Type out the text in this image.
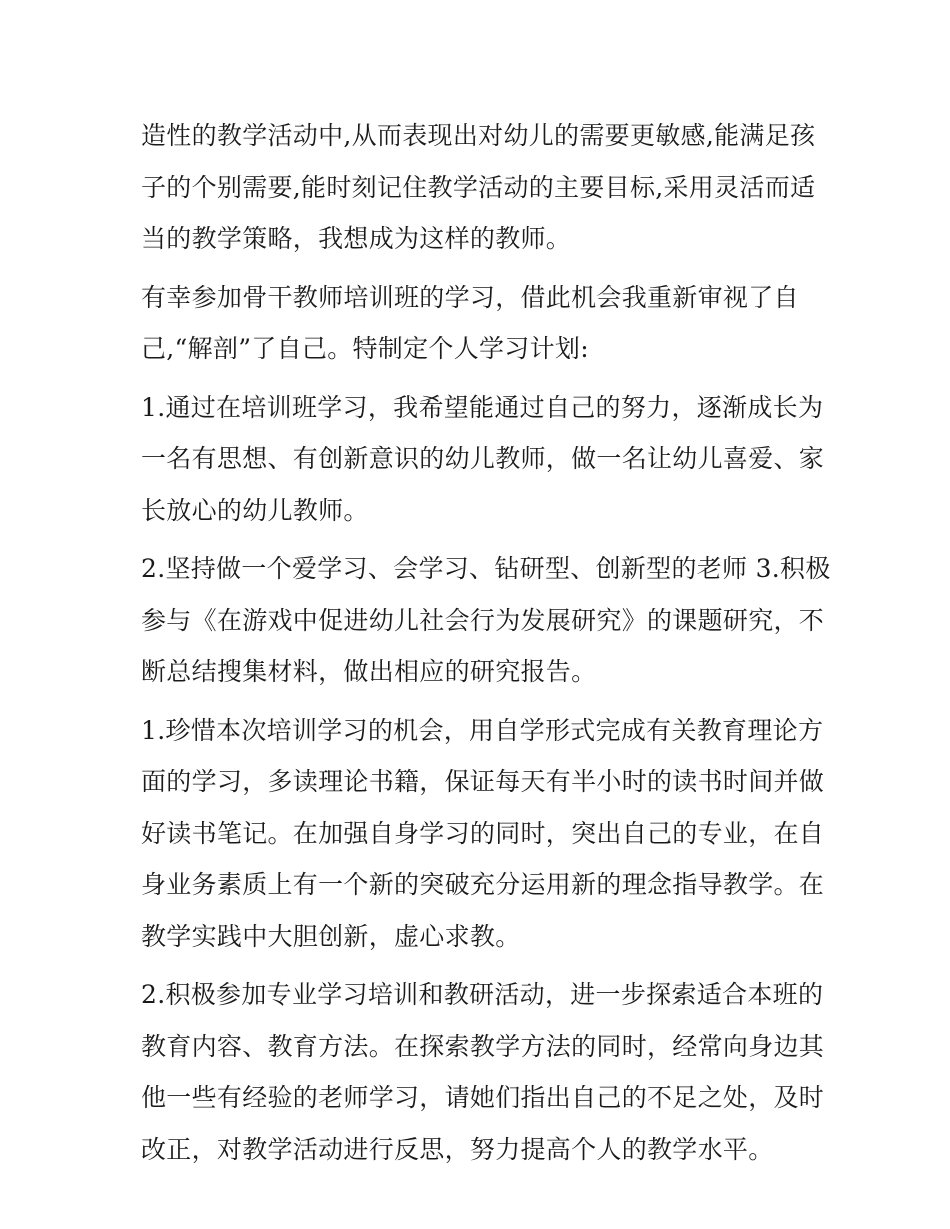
造性的教学活动中,从而表现出对幼儿的需要更敏感,能满足孩
子的个别需要,能时刻记住教学活动的主要目标,采用灵活而适
当的教学策略，我想成为这样的教师。

有幸参加骨干教师培训班的学习，借此机会我重新审视了自
己,“解剖”了自己。特制定个人学习计划:

1.通过在培训班学习，我希望能通过自己的努力，逐渐成长为
一名有思想、有创新意识的幼儿教师，做一名让幼儿喜爱、家
长放心的幼儿教师。

2.坚持做一个爱学习、会学习、钻研型、创新型的老师 3.积极
参与《在游戏中促进幼儿社会行为发展研究》的课题研究，不
断总结搜集材料，做出相应的研究报告。

1.珍惜本次培训学习的机会，用自学形式完成有关教育理论方
面的学习，多读理论书籍，保证每天有半小时的读书时间并做
好读书笔记。在加强自身学习的同时，突出自己的专业，在自
身业务素质上有一个新的突破充分运用新的理念指导教学。在
教学实践中大胆创新，虚心求教。

2.积极参加专业学习培训和教研活动，进一步探索适合本班的
教育内容、教育方法。在探索教学方法的同时，经常向身边其
他一些有经验的老师学习，请她们指出自己的不足之处，及时
改正，对教学活动进行反思，努力提高个人的教学水平。
